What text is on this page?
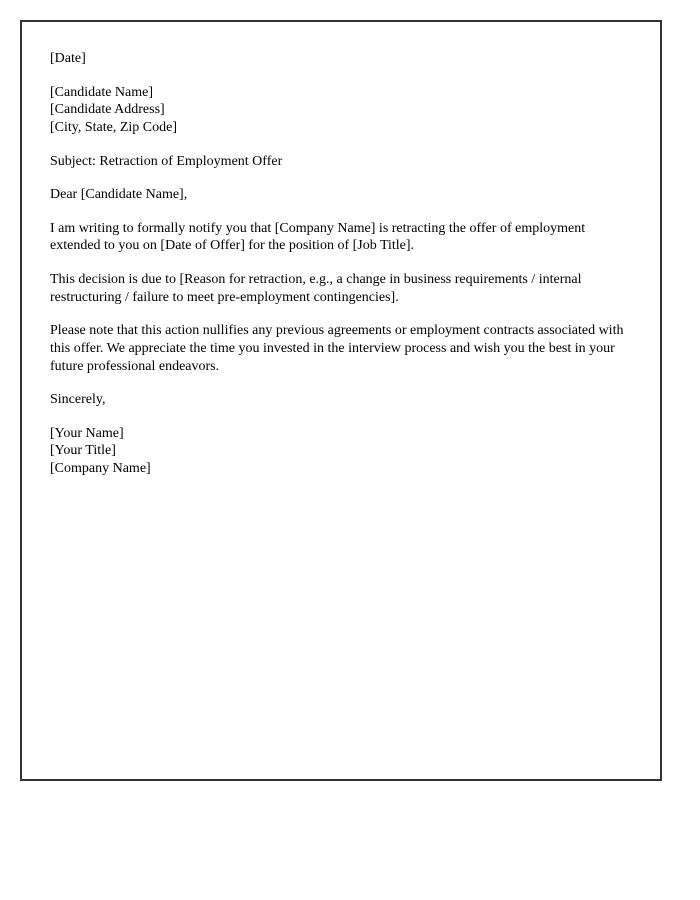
[Date]

[Candidate Name]
[Candidate Address]
[City, State, Zip Code]

Subject: Retraction of Employment Offer

Dear [Candidate Name],

I am writing to formally notify you that [Company Name] is retracting the offer of employment extended to you on [Date of Offer] for the position of [Job Title].

This decision is due to [Reason for retraction, e.g., a change in business requirements / internal restructuring / failure to meet pre-employment contingencies].

Please note that this action nullifies any previous agreements or employment contracts associated with this offer. We appreciate the time you invested in the interview process and wish you the best in your future professional endeavors.

Sincerely,

[Your Name]
[Your Title]
[Company Name]
